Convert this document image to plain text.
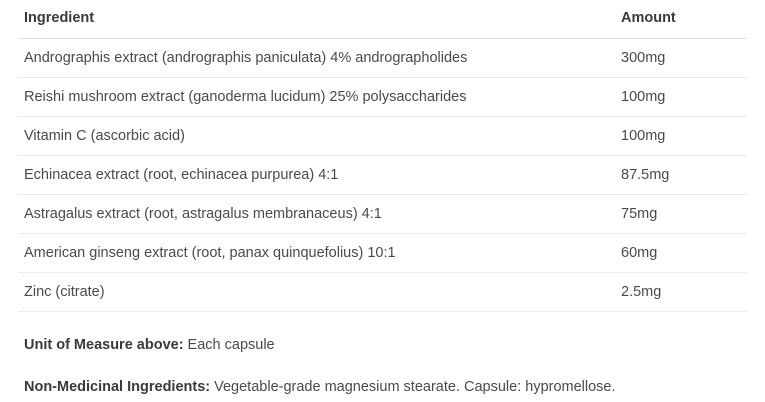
Ingredient	Amount
Andrographis extract (andrographis paniculata) 4% andrographolides	300mg
Reishi mushroom extract (ganoderma lucidum) 25% polysaccharides	100mg
Vitamin C (ascorbic acid)	100mg
Echinacea extract (root, echinacea purpurea) 4:1	87.5mg
Astragalus extract (root, astragalus membranaceus) 4:1	75mg
American ginseng extract (root, panax quinquefolius) 10:1	60mg
Zinc (citrate)	2.5mg
Unit of Measure above: Each capsule
Non-Medicinal Ingredients: Vegetable-grade magnesium stearate. Capsule: hypromellose.
